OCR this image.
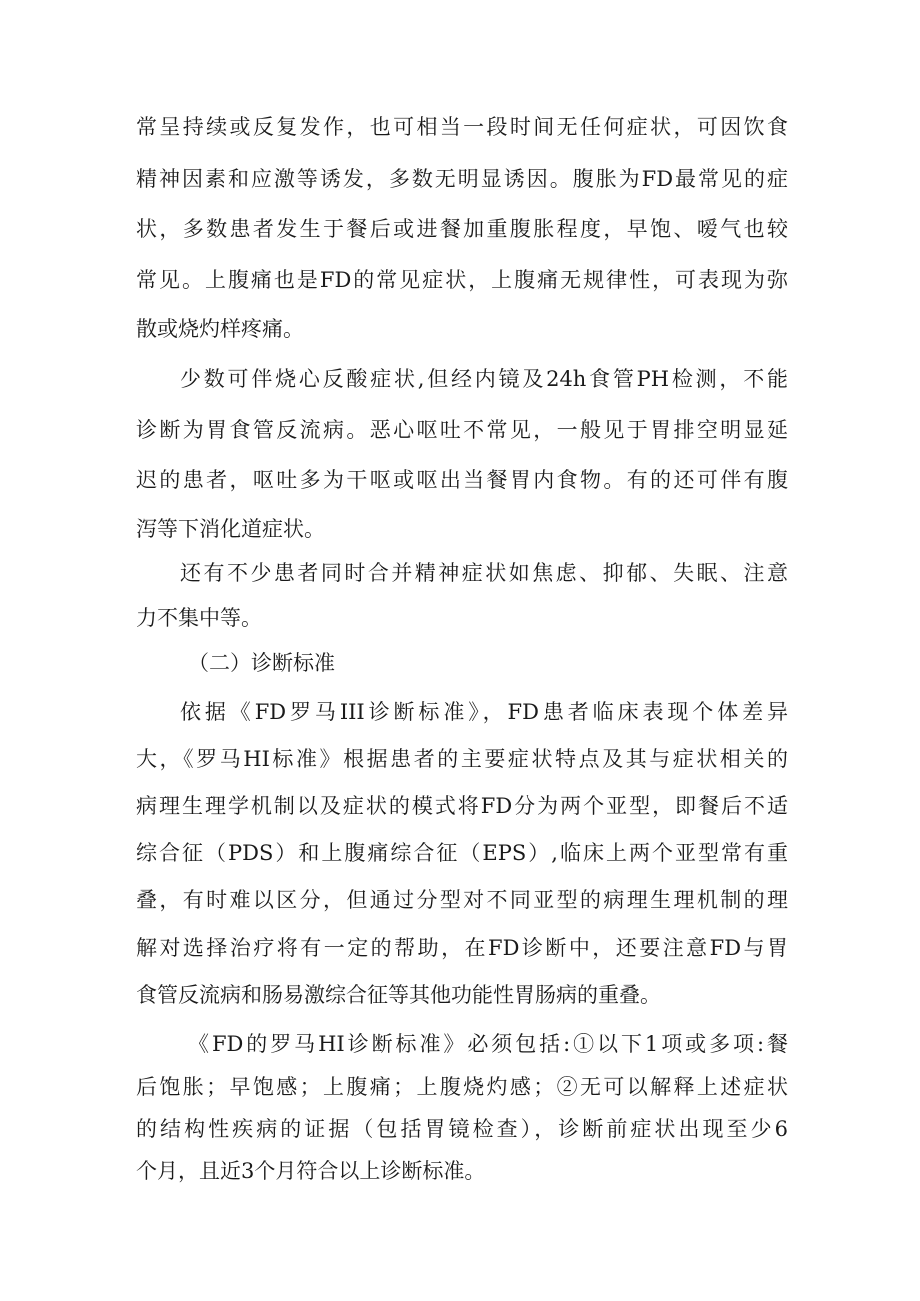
常呈持续或反复发作，也可相当一段时间无任何症状，可因饮食
精神因素和应激等诱发，多数无明显诱因。腹胀为FD最常见的症
状，多数患者发生于餐后或进餐加重腹胀程度，早饱、嗳气也较
常见。上腹痛也是FD的常见症状，上腹痛无规律性，可表现为弥
散或烧灼样疼痛。
少数可伴烧心反酸症状,但经内镜及24h食管PH检测，不能
诊断为胃食管反流病。恶心呕吐不常见，一般见于胃排空明显延
迟的患者，呕吐多为干呕或呕出当餐胃内食物。有的还可伴有腹
泻等下消化道症状。
还有不少患者同时合并精神症状如焦虑、抑郁、失眠、注意
力不集中等。
（二）诊断标准
依据《FD罗马III诊断标准》，FD患者临床表现个体差异
大，《罗马HI标准》根据患者的主要症状特点及其与症状相关的
病理生理学机制以及症状的模式将FD分为两个亚型，即餐后不适
综合征（PDS）和上腹痛综合征（EPS）,临床上两个亚型常有重
叠，有时难以区分，但通过分型对不同亚型的病理生理机制的理
解对选择治疗将有一定的帮助，在FD诊断中，还要注意FD与胃
食管反流病和肠易激综合征等其他功能性胃肠病的重叠。
《FD的罗马HI诊断标准》必须包括:①以下1项或多项:餐
后饱胀；早饱感；上腹痛；上腹烧灼感；②无可以解释上述症状
的结构性疾病的证据（包括胃镜检查），诊断前症状出现至少6
个月，且近3个月符合以上诊断标准。
